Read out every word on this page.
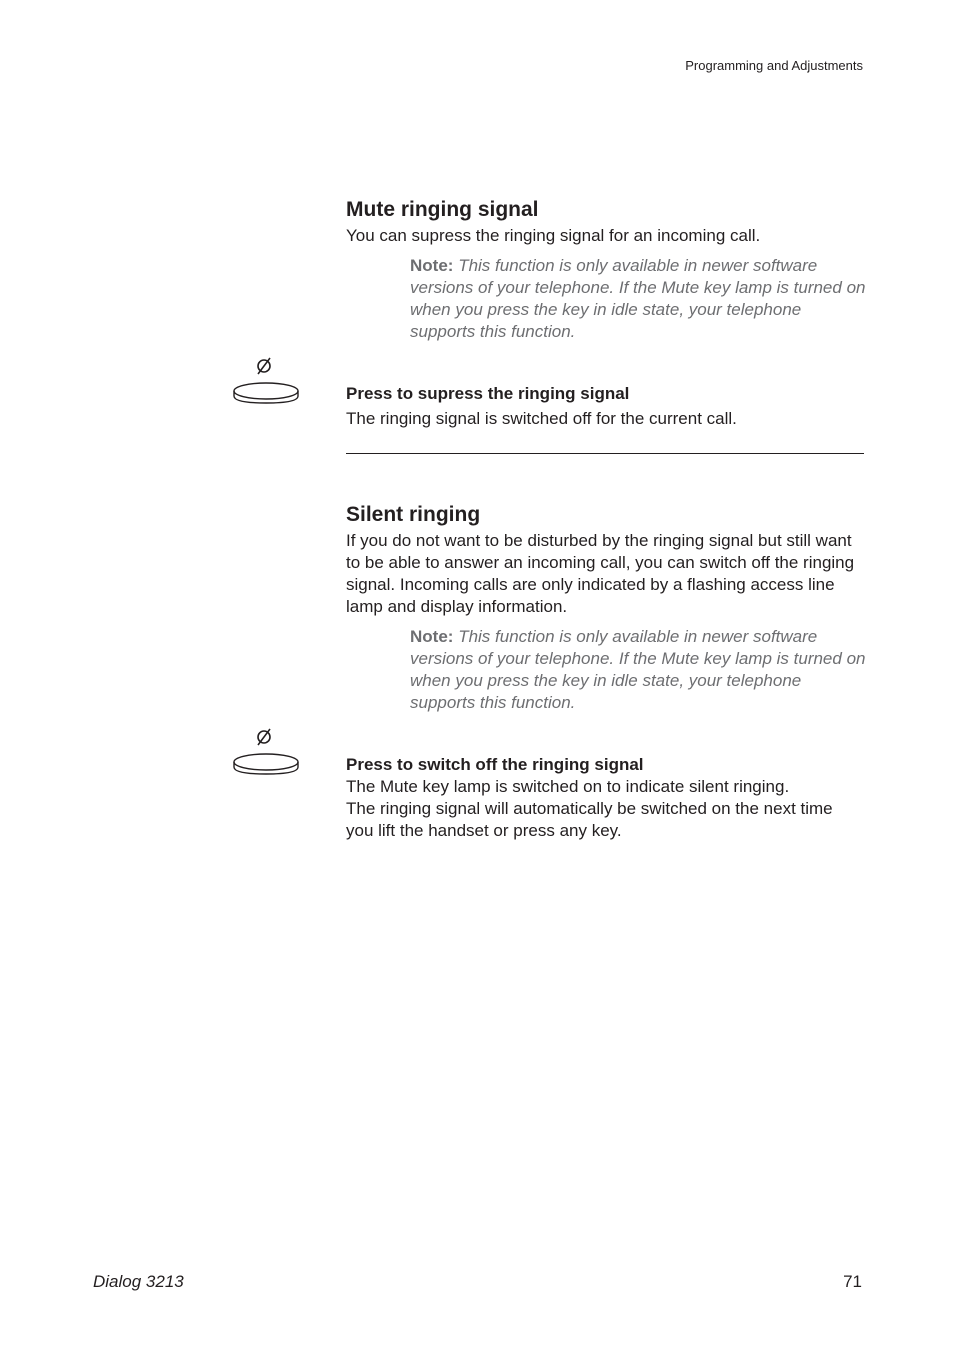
Programming and Adjustments
Mute ringing signal

You can supress the ringing signal for an incoming call.

Note: This function is only available in newer software versions of your telephone. If the Mute key lamp is turned on when you press the key in idle state, your telephone supports this function.

Press to supress the ringing signal

The ringing signal is switched off for the current call.

Silent ringing

If you do not want to be disturbed by the ringing signal but still want to be able to answer an incoming call, you can switch off the ringing signal. Incoming calls are only indicated by a flashing access line lamp and display information.

Note: This function is only available in newer software versions of your telephone. If the Mute key lamp is turned on when you press the key in idle state, your telephone supports this function.

Press to switch off the ringing signal

The Mute key lamp is switched on to indicate silent ringing.

The ringing signal will automatically be switched on the next time you lift the handset or press any key.

Dialog 3213	71
